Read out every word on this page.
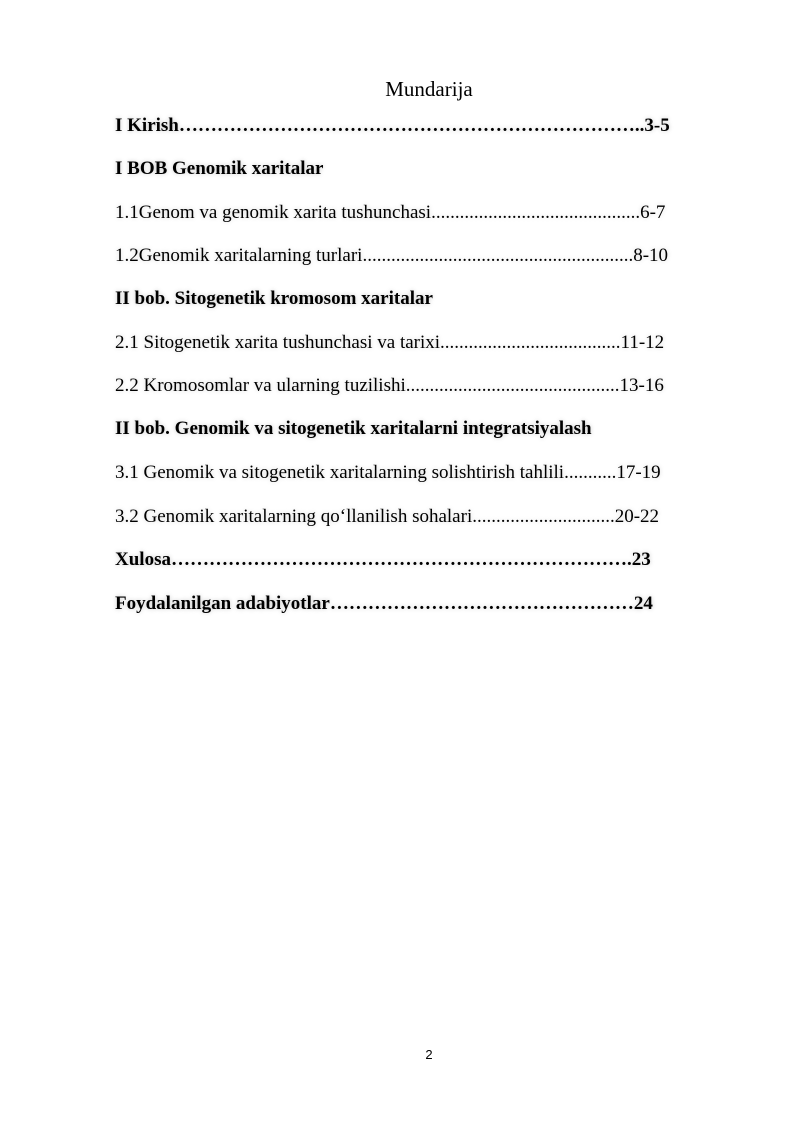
Mundarija
I Kirish………………………………………………………………..3-5
I BOB Genomik xaritalar
1.1Genom va genomik xarita tushunchasi............................................6-7
1.2Genomik xaritalarning turlari.........................................................8-10
II bob. Sitogenetik kromosom xaritalar
2.1 Sitogenetik xarita tushunchasi va tarixi......................................11-12
2.2 Kromosomlar va ularning tuzilishi.............................................13-16
II bob. Genomik va sitogenetik xaritalarni integratsiyalash
3.1 Genomik va sitogenetik xaritalarning solishtirish tahlili...........17-19
3.2 Genomik xaritalarning qo‘llanilish sohalari..............................20-22
Xulosa……………………………………………………………….23
Foydalanilgan adabiyotlar…………………………………………24
2
